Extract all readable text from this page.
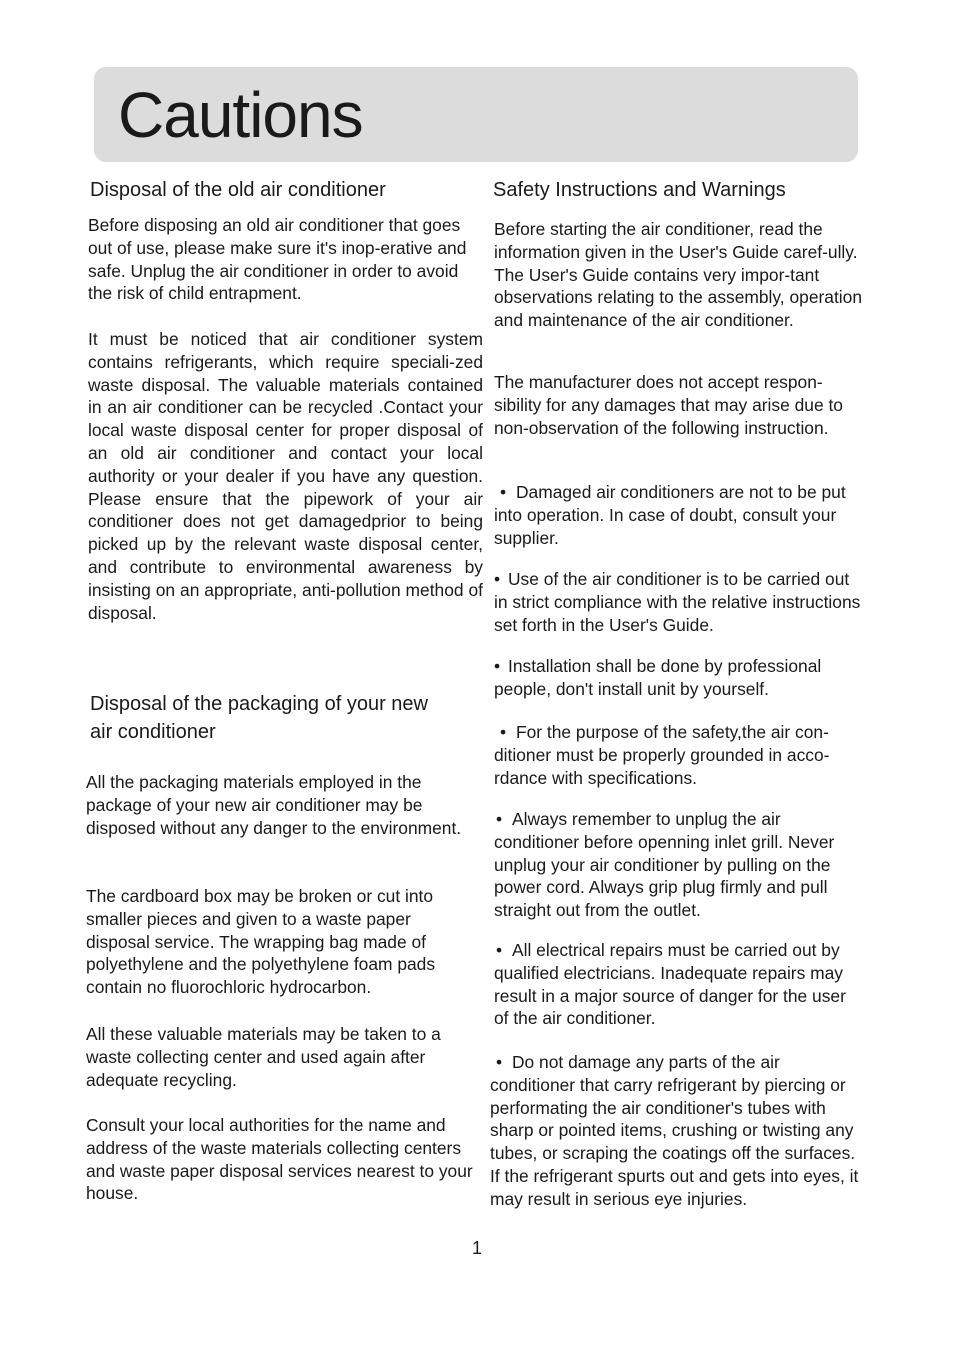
Cautions
Disposal of the old air conditioner

Before disposing an old air conditioner that goes out of use, please make sure it's inop-erative and safe. Unplug the air conditioner in order to avoid the risk of child entrapment.

It must be noticed that air conditioner system contains refrigerants, which require speciali-zed waste disposal. The valuable materials contained in an air conditioner can be recycled .Contact your local waste disposal center for proper disposal of an old air conditioner and contact your local authority or your dealer if you have any question. Please ensure that the pipework of your air conditioner does not get damagedprior to being picked up by the relevant waste disposal center, and contribute to environmental awareness by insisting on an appropriate, anti-pollution method of disposal.

Disposal of the packaging of your new air conditioner

All the packaging materials employed in the package of your new air conditioner may be disposed without any danger to the environment.

The cardboard box may be broken or cut into smaller pieces and given to a waste paper disposal service. The wrapping bag made of polyethylene and the polyethylene foam pads contain no fluorochloric hydrocarbon.

All these valuable materials may be taken to a waste collecting center and used again after adequate recycling.

Consult your local authorities for the name and address of the waste materials collecting centers and waste paper disposal services nearest to your house.

Safety Instructions and Warnings

Before starting the air conditioner, read the information given in the User's Guide caref-ully. The User's Guide contains very impor-tant observations relating to the assembly, operation and maintenance of the air conditioner.

The manufacturer does not accept respon-sibility for any damages that may arise due to non-observation of the following instruction.

• Damaged air conditioners are not to be put into operation. In case of doubt, consult your supplier.

• Use of the air conditioner is to be carried out in strict compliance with the relative instructions set forth in the User's Guide.

• Installation shall be done by professional people, don't install unit by yourself.

• For the purpose of the safety,the air con-ditioner must be properly grounded in acco-rdance with specifications.

• Always remember to unplug the air conditioner before openning inlet grill. Never unplug your air conditioner by pulling on the power cord. Always grip plug firmly and pull straight out from the outlet.

• All electrical repairs must be carried out by qualified electricians. Inadequate repairs may result in a major source of danger for the user of the air conditioner.

• Do not damage any parts of the air conditioner that carry refrigerant by piercing or performating the air conditioner's tubes with sharp or pointed items, crushing or twisting any tubes, or scraping the coatings off the surfaces. If the refrigerant spurts out and gets into eyes, it may result in serious eye injuries.

1
